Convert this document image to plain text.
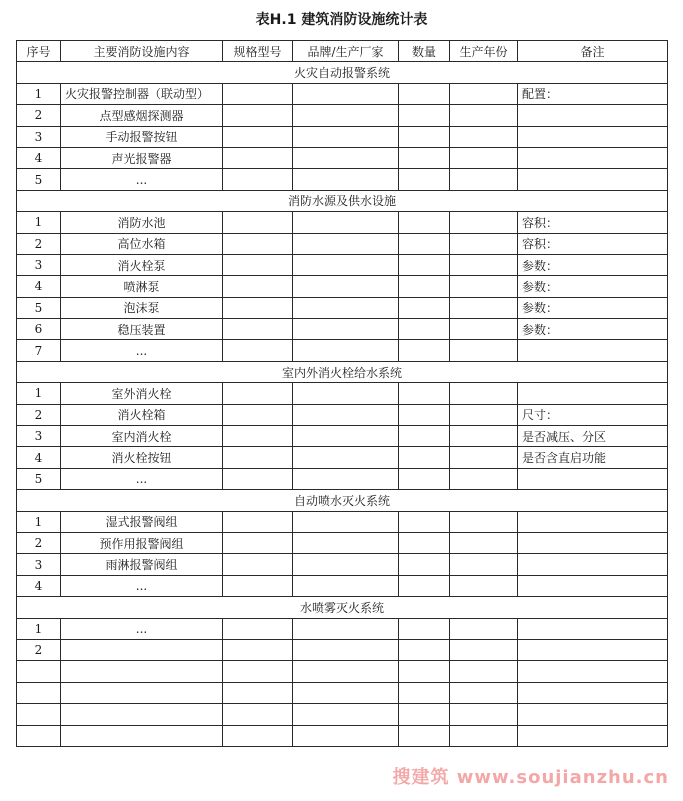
表H.1 建筑消防设施统计表
序号	主要消防设施内容	规格型号	品牌/生产厂家	数量	生产年份	备注
火灾自动报警系统						
1	火灾报警控制器（联动型）					配置：
2	点型感烟探测器					
3	手动报警按钮					
4	声光报警器					
5	...					
消防水源及供水设施						
1	消防水池					容积：
2	高位水箱					容积：
3	消火栓泵					参数：
4	喷淋泵					参数：
5	泡沫泵					参数：
6	稳压装置					参数：
7	...					
室内外消火栓给水系统						
1	室外消火栓					
2	消火栓箱					尺寸：
3	室内消火栓					是否减压、分区
4	消火栓按钮					是否含直启功能
5	...					
自动喷水灭火系统						
1	湿式报警阀组					
2	预作用报警阀组					
3	雨淋报警阀组					
4	...					
水喷雾灭火系统						
1	...					
2						

搜建筑 www.soujianzhu.cn
